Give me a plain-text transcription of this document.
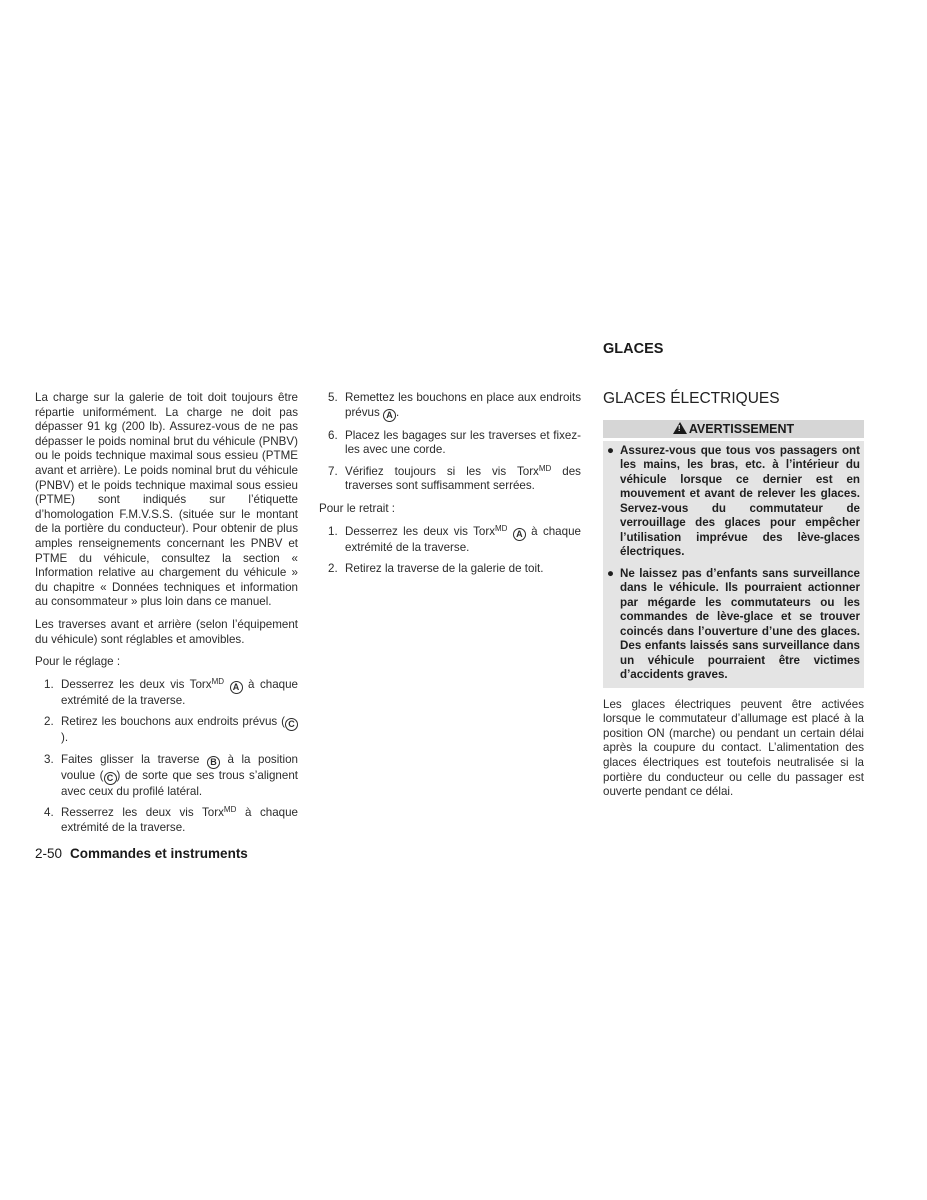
La charge sur la galerie de toit doit toujours être répartie uniformément. La charge ne doit pas dépasser 91 kg (200 lb). Assurez-vous de ne pas dépasser le poids nominal brut du véhicule (PNBV) ou le poids technique maximal sous essieu (PTME avant et arrière). Le poids nominal brut du véhicule (PNBV) et le poids technique maximal sous essieu (PTME) sont indiqués sur l’étiquette d’homologation F.M.V.S.S. (située sur le montant de la portière du conducteur). Pour obtenir de plus amples renseignements concernant les PNBV et PTME du véhicule, consultez la section « Information relative au chargement du véhicule » du chapitre « Données techniques et information au consommateur » plus loin dans ce manuel.

Les traverses avant et arrière (selon l’équipement du véhicule) sont réglables et amovibles.

Pour le réglage :

1. Desserrez les deux vis Torx$^{MD}$ A à chaque extrémité de la traverse.
2. Retirez les bouchons aux endroits prévus ( C).
3. Faites glisser la traverse B à la position voulue ( C ) de sorte que ses trous s’alignent avec ceux du profilé latéral.
4. Resserrez les deux vis Torx$^{MD}$ à chaque extrémité de la traverse.
5. Remettez les bouchons en place aux endroits prévus A .
6. Placez les bagages sur les traverses et fixez-les avec une corde.
7. Vérifiez toujours si les vis Torx$^{MD}$ des traverses sont suffisamment serrées.

Pour le retrait :

1. Desserrez les deux vis Torx$^{MD}$ A à chaque extrémité de la traverse.
2. Retirez la traverse de la galerie de toit.
GLACES
GLACES ÉLECTRIQUES
! AVERTISSEMENT
● Assurez-vous que tous vos passagers ont les mains, les bras, etc. à l’intérieur du véhicule lorsque ce dernier est en mouvement et avant de relever les glaces. Servez-vous du commutateur de verrouillage des glaces pour empêcher l’utilisation imprévue des lève-glaces électriques.
● Ne laissez pas d’enfants sans surveillance dans le véhicule. Ils pourraient actionner par mégarde les commutateurs ou les commandes de lève-glace et se trouver coincés dans l’ouverture d’une des glaces. Des enfants laissés sans surveillance dans un véhicule pourraient être victimes d’accidents graves.

Les glaces électriques peuvent être activées lorsque le commutateur d’allumage est placé à la position ON (marche) ou pendant un certain délai après la coupure du contact. L’alimentation des glaces électriques est toutefois neutralisée si la portière du conducteur ou celle du passager est ouverte pendant ce délai.

2-50 Commandes et instruments
